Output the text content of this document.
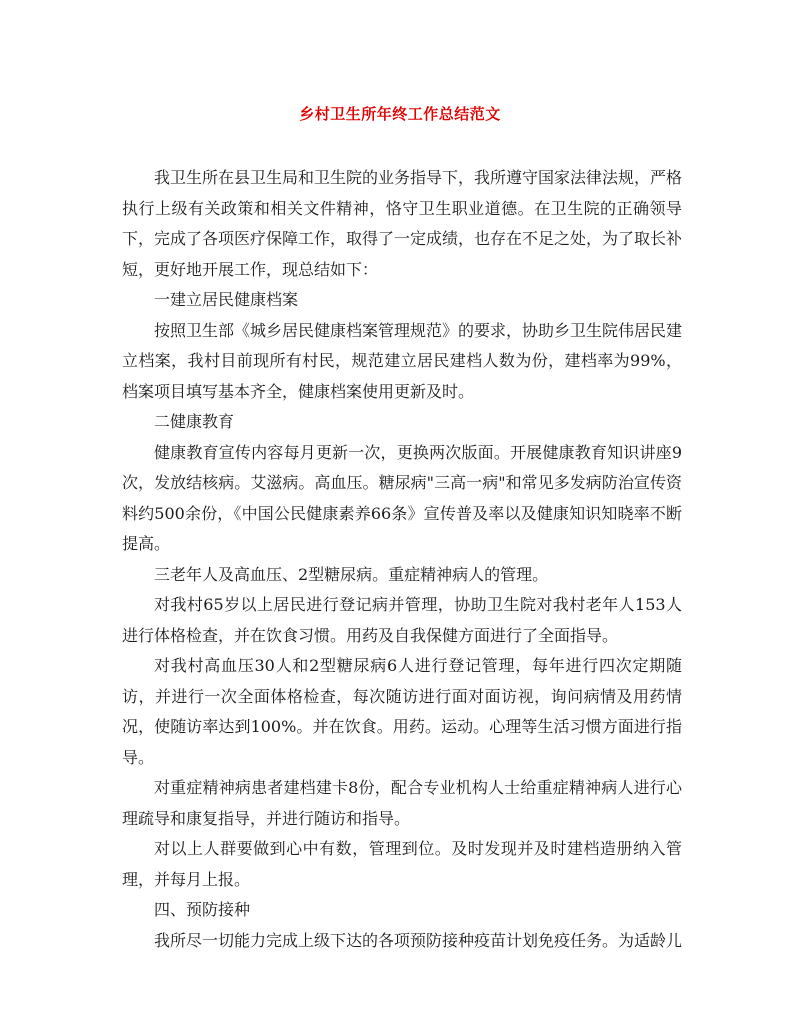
乡村卫生所年终工作总结范文

我卫生所在县卫生局和卫生院的业务指导下，我所遵守国家法律法规，严格执行上级有关政策和相关文件精神，恪守卫生职业道德。在卫生院的正确领导下，完成了各项医疗保障工作，取得了一定成绩，也存在不足之处，为了取长补短，更好地开展工作，现总结如下：

一建立居民健康档案

按照卫生部《城乡居民健康档案管理规范》的要求，协助乡卫生院伟居民建立档案，我村目前现所有村民，规范建立居民建档人数为份，建档率为99%，档案项目填写基本齐全，健康档案使用更新及时。

二健康教育

健康教育宣传内容每月更新一次，更换两次版面。开展健康教育知识讲座9次，发放结核病。艾滋病。高血压。糖尿病"三高一病"和常见多发病防治宣传资料约500余份，《中国公民健康素养66条》宣传普及率以及健康知识知晓率不断提高。

三老年人及高血压、2型糖尿病。重症精神病人的管理。

对我村65岁以上居民进行登记病并管理，协助卫生院对我村老年人153人进行体格检查，并在饮食习惯。用药及自我保健方面进行了全面指导。

对我村高血压30人和2型糖尿病6人进行登记管理，每年进行四次定期随访，并进行一次全面体格检查，每次随访进行面对面访视，询问病情及用药情况，使随访率达到100%。并在饮食。用药。运动。心理等生活习惯方面进行指导。

对重症精神病患者建档建卡8份，配合专业机构人士给重症精神病人进行心理疏导和康复指导，并进行随访和指导。

对以上人群要做到心中有数，管理到位。及时发现并及时建档造册纳入管理，并每月上报。

四、预防接种

我所尽一切能力完成上级下达的各项预防接种疫苗计划免疫任务。为适龄儿
